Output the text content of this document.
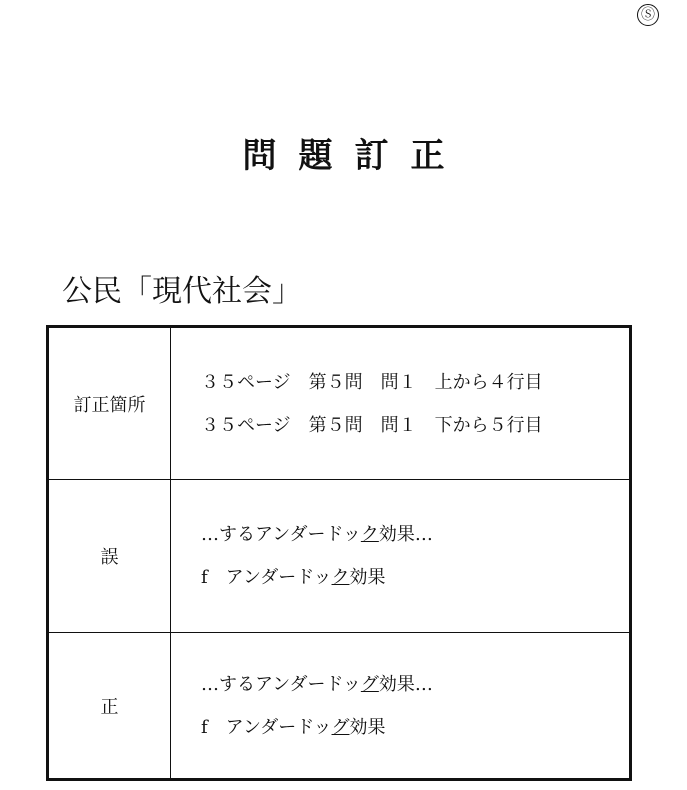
Ⓢ
問題訂正
公民「現代社会」
訂正箇所	３５ページ　第５問　問１　上から４行目
３５ページ　第５問　問１　下から５行目

誤	…するアンダードック効果…
f　アンダードック効果

正	…するアンダードッグ効果…
f　アンダードッグ効果
